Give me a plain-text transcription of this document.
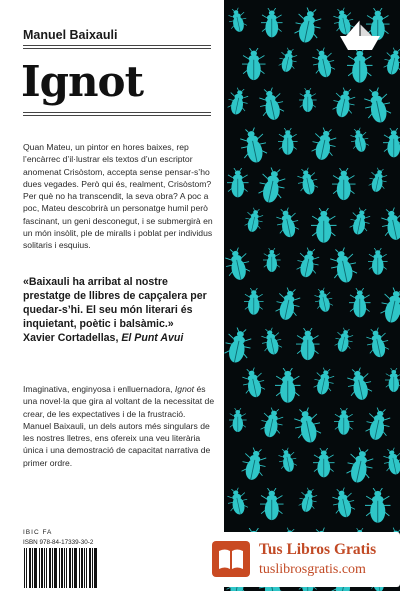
Manuel Baixauli
Ignot
Quan Mateu, un pintor en hores baixes, rep l’encàrrec d’il·lustrar els textos d’un escriptor anomenat Crisòstom, accepta sense pensar-s’ho dues vegades. Però qui és, realment, Crisòstom? Per què no ha transcendit, la seva obra? A poc a poc, Mateu descobrirà un personatge humil però fascinant, un geni desconegut, i se submergirà en un món insòlit, ple de miralls i poblat per individus solitaris i esquius.
«Baixauli ha arribat al nostre prestatge de llibres de capçalera per quedar-s’hi. El seu món literari és inquietant, poètic i balsàmic.»
Xavier Cortadellas, El Punt Avui
Imaginativa, enginyosa i enlluernadora, Ignot és una novel·la que gira al voltant de la necessitat de crear, de les expectatives i de la frustració. Manuel Baixauli, un dels autors més singulars de les nostres lletres, ens ofereix una veu literària única i una demostració de capacitat narrativa de primer ordre.
IBIC FA
ISBN 978-84-17339-30-2	Tus Libros Gratis
tuslibrosgratis.com
